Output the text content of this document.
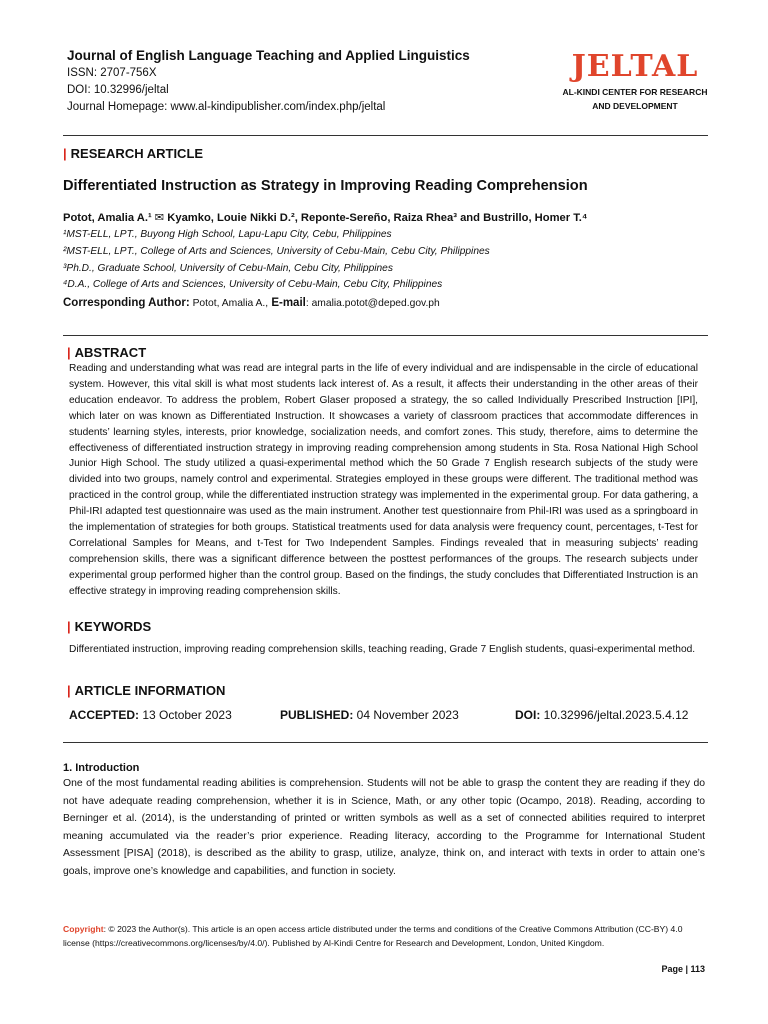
Journal of English Language Teaching and Applied Linguistics
ISSN: 2707-756X
DOI: 10.32996/jeltal
Journal Homepage: www.al-kindipublisher.com/index.php/jeltal
JELTAL
AL-KINDI CENTER FOR RESEARCH
AND DEVELOPMENT
| RESEARCH ARTICLE
Differentiated Instruction as Strategy in Improving Reading Comprehension
Potot, Amalia A.¹ ✉ Kyamko, Louie Nikki D.², Reponte-Sereño, Raiza Rhea³ and Bustrillo, Homer T.⁴
¹MST-ELL, LPT., Buyong High School, Lapu-Lapu City, Cebu, Philippines
²MST-ELL, LPT., College of Arts and Sciences, University of Cebu-Main, Cebu City, Philippines
³Ph.D., Graduate School, University of Cebu-Main, Cebu City, Philippines
⁴D.A., College of Arts and Sciences, University of Cebu-Main, Cebu City, Philippines
Corresponding Author: Potot, Amalia A., E-mail: amalia.potot@deped.gov.ph
| ABSTRACT
Reading and understanding what was read are integral parts in the life of every individual and are indispensable in the circle of educational system. However, this vital skill is what most students lack interest of. As a result, it affects their understanding in the other areas of their education endeavor. To address the problem, Robert Glaser proposed a strategy, the so called Individually Prescribed Instruction [IPI], which later on was known as Differentiated Instruction. It showcases a variety of classroom practices that accommodate differences in students’ learning styles, interests, prior knowledge, socialization needs, and comfort zones. This study, therefore, aims to determine the effectiveness of differentiated instruction strategy in improving reading comprehension among students in Sta. Rosa National High School Junior High School. The study utilized a quasi-experimental method which the 50 Grade 7 English research subjects of the study were divided into two groups, namely control and experimental. Strategies employed in these groups were different. The traditional method was practiced in the control group, while the differentiated instruction strategy was implemented in the experimental group. For data gathering, a Phil-IRI adapted test questionnaire was used as the main instrument. Another test questionnaire from Phil-IRI was used as a springboard in the implementation of strategies for both groups. Statistical treatments used for data analysis were frequency count, percentages, t-Test for Correlational Samples for Means, and t-Test for Two Independent Samples. Findings revealed that in measuring subjects’ reading comprehension skills, there was a significant difference between the posttest performances of the groups. The research subjects under experimental group performed higher than the control group. Based on the findings, the study concludes that Differentiated Instruction is an effective strategy in improving reading comprehension skills.
| KEYWORDS
Differentiated instruction, improving reading comprehension skills, teaching reading, Grade 7 English students, quasi-experimental method.
| ARTICLE INFORMATION
ACCEPTED: 13 October 2023	PUBLISHED: 04 November 2023	DOI: 10.32996/jeltal.2023.5.4.12
1. Introduction
One of the most fundamental reading abilities is comprehension. Students will not be able to grasp the content they are reading if they do not have adequate reading comprehension, whether it is in Science, Math, or any other topic (Ocampo, 2018). Reading, according to Berninger et al. (2014), is the understanding of printed or written symbols as well as a set of connected abilities required to interpret meaning accumulated via the reader’s prior experience. Reading literacy, according to the Programme for International Student Assessment [PISA] (2018), is described as the ability to grasp, utilize, analyze, think on, and interact with texts in order to attain one’s goals, improve one’s knowledge and capabilities, and function in society.
Copyright: © 2023 the Author(s). This article is an open access article distributed under the terms and conditions of the Creative Commons Attribution (CC-BY) 4.0 license (https://creativecommons.org/licenses/by/4.0/). Published by Al-Kindi Centre for Research and Development, London, United Kingdom.
Page | 113
